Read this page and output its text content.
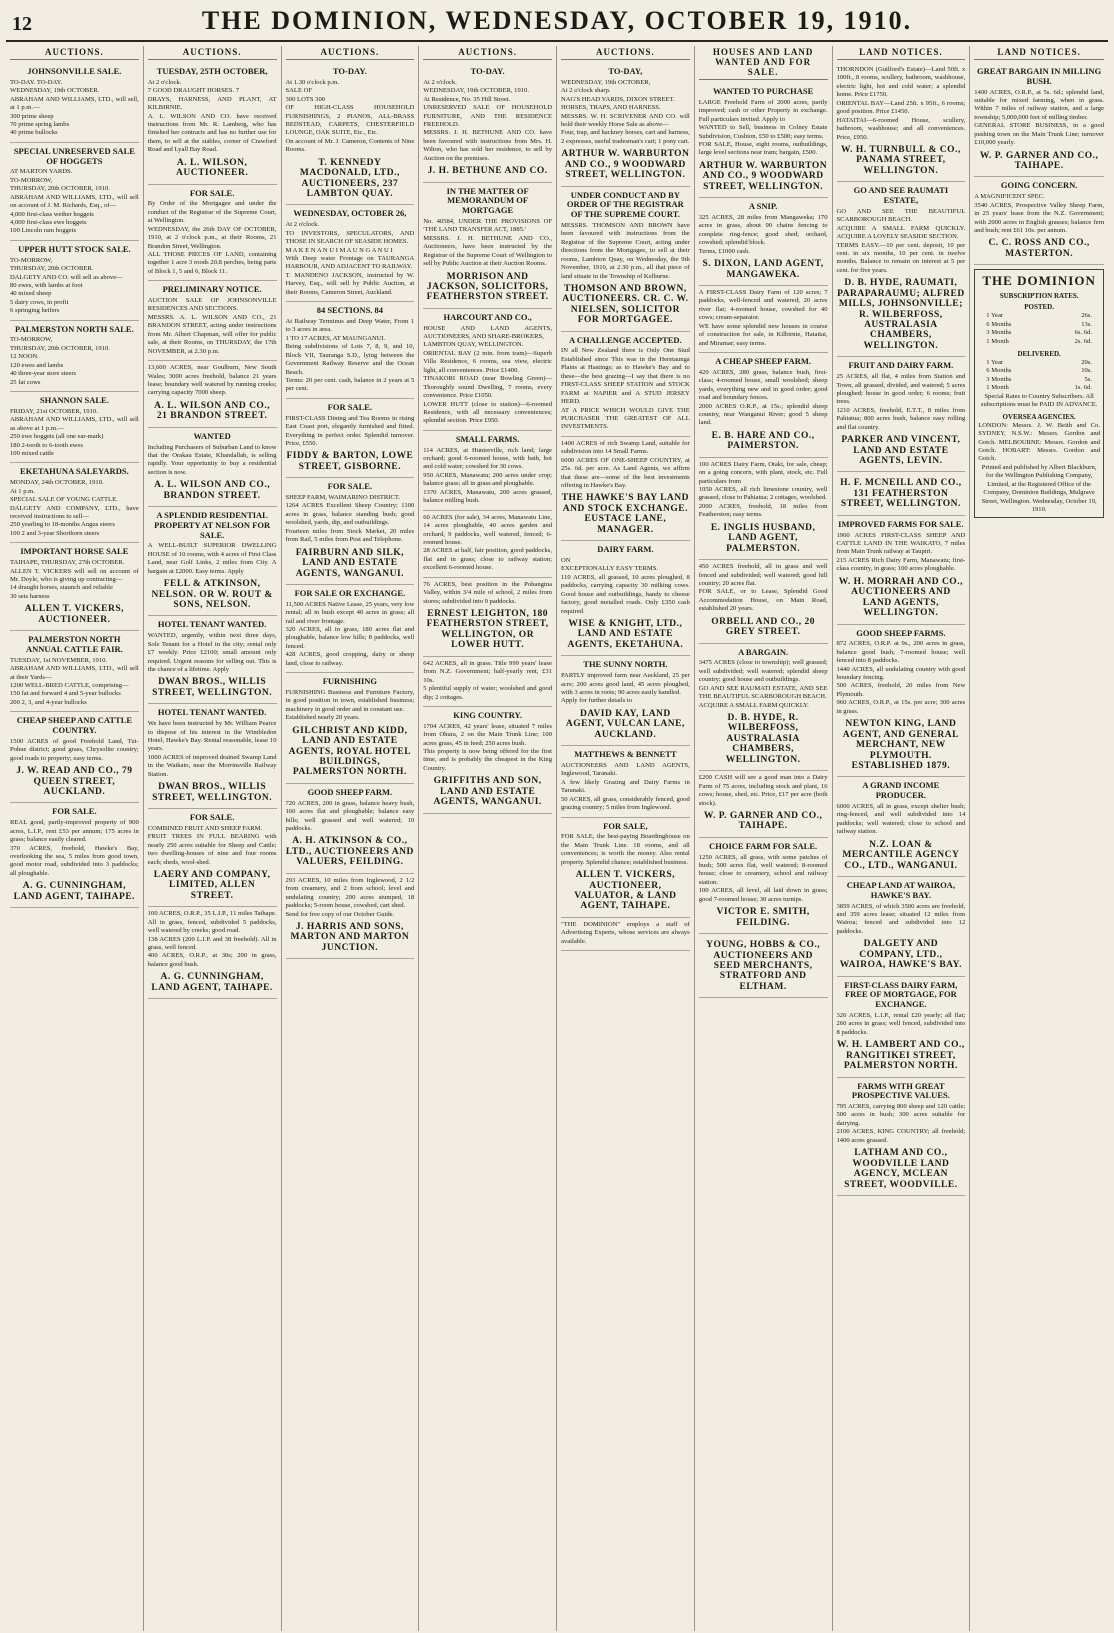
12	THE DOMINION, WEDNESDAY, OCTOBER 19, 1910.
AUCTIONS.
JOHNSONVILLE SALE.

TO-DAY. TO-DAY.

WEDNESDAY, 19th OCTOBER.

ABRAHAM AND WILLIAMS, LTD., will sell, at 1 p.m.—

300 prime sheep

70 prime spring lambs

40 prime bullocks

SPECIAL UNRESERVED SALE OF HOGGETS

AT MARTON YARDS.

TO-MORROW,

THURSDAY, 20th OCTOBER, 1910.

ABRAHAM AND WILLIAMS, LTD., will sell on account of J. M. Richards, Esq., of—

4,000 first-class wether hoggets

4,000 first-class ewe hoggets

100 Lincoln ram hoggets

UPPER HUTT STOCK SALE.

TO-MORROW,

THURSDAY, 20th OCTOBER.

DALGETY AND CO. will sell as above—

80 ewes, with lambs at foot

40 mixed sheep

5 dairy cows, in profit

6 springing heifers

PALMERSTON NORTH SALE.

TO-MORROW,

THURSDAY, 20th OCTOBER, 1910.

12 NOON.

120 ewes and lambs

40 three-year store steers

25 fat cows

SHANNON SALE.

FRIDAY, 21st OCTOBER, 1910.

ABRAHAM AND WILLIAMS, LTD., will sell as above at 1 p.m.—

250 ewe hoggets (all one ear-mark)

180 2-tooth to 6-tooth ewes

100 mixed cattle

EKETAHUNA SALEYARDS.

MONDAY, 24th OCTOBER, 1910.

At 1 p.m.

SPECIAL SALE OF YOUNG CATTLE.

DALGETY AND COMPANY, LTD., have received instructions to sell—

250 yearling to 18-months Angus steers

100 2 and 3-year Shorthorn steers

IMPORTANT HORSE SALE

TAIHAPE, THURSDAY, 27th OCTOBER.

ALLEN T. VICKERS will sell on account of Mr. Doyle, who is giving up contracting—

14 draught horses, staunch and reliable

30 sets harness

ALLEN T. VICKERS, AUCTIONEER.
PALMERSTON NORTH ANNUAL CATTLE FAIR.

TUESDAY, 1st NOVEMBER, 1910.

ABRAHAM AND WILLIAMS, LTD., will sell at their Yards—

1200 WELL-BRED CATTLE, comprising—

150 fat and forward 4 and 5-year bullocks

200 2, 3, and 4-year bullocks

CHEAP SHEEP AND CATTLE COUNTRY.

1500 ACRES of good Freehold Land, Tui-Pohue district; good grass, Chrysolite country; good roads to property; easy terms.

J. W. READ AND CO., 79 QUEEN STREET, AUCKLAND.
FOR SALE.

REAL good, partly-improved property of 900 acres, L.I.P., rent £53 per annum; 175 acres in grass; balance easily cleared.

370 ACRES, freehold, Hawke's Bay, overlooking the sea, 5 miles from good town, good motor road, subdivided into 3 paddocks; all ploughable.

A. G. CUNNINGHAM, LAND AGENT, TAIHAPE.
AUCTIONS.
TUESDAY, 25TH OCTOBER,

At 2 o'clock.

7 GOOD DRAUGHT HORSES. 7

DRAYS, HARNESS, AND PLANT, AT KILBIRNIE.

A. L. WILSON AND CO. have received instructions from Mr. R. Lamberg, who has finished her contracts and has no further use for them, to sell at the stables, corner of Crawford Road and Lyall Bay Road.

A. L. WILSON, AUCTIONEER.
FOR SALE.

By Order of the Mortgagee and under the conduct of the Registrar of the Supreme Court, at Wellington.

WEDNESDAY, the 26th DAY OF OCTOBER, 1910, at 2 o'clock p.m., at their Rooms, 21 Brandon Street, Wellington.

ALL THOSE PIECES OF LAND, containing together 1 acre 3 roods 20.8 perches, being parts of Block 1, 5 and 6, Block 11.

PRELIMINARY NOTICE.

AUCTION SALE OF JOHNSONVILLE RESIDENCES AND SECTIONS.

MESSRS. A. L. WILSON AND CO., 21 BRANDON STREET, acting under instructions from Mr. Albert Chapman, will offer for public sale, at their Rooms, on THURSDAY, the 17th NOVEMBER, at 2.30 p.m.

13,600 ACRES, near Goulburn, New South Wales; 3000 acres freehold, balance 21 years lease; boundary well watered by running creeks; carrying capacity 7000 sheep.

A. L. WILSON AND CO., 21 BRANDON STREET.
WANTED

Including Purchasers of Suburban Land to know that the Orakau Estate, Khandallah, is selling rapidly. Your opportunity to buy a residential section is now.

A. L. WILSON AND CO., BRANDON STREET.
A SPLENDID RESIDENTIAL PROPERTY AT NELSON FOR SALE.

A WELL-BUILT SUPERIOR DWELLING HOUSE of 10 rooms, with 4 acres of First Class Land, near Golf Links, 2 miles from City. A bargain at £2000. Easy terms. Apply

FELL & ATKINSON, NELSON. OR W. ROUT & SONS, NELSON.
HOTEL TENANT WANTED.

WANTED, urgently, within next three days, Sole Tenant for a Hotel in the city; rental only £7 weekly. Price £2100; small amount only required. Urgent reasons for selling out. This is the chance of a lifetime. Apply

DWAN BROS., WILLIS STREET, WELLINGTON.
HOTEL TENANT WANTED.

We have been instructed by Mr. William Pearce to dispose of his interest in the Wimbledon Hotel, Hawke's Bay. Rental reasonable, lease 10 years.

1000 ACRES of improved drained Swamp Land in the Waikato, near the Morrinsville Railway Station.

DWAN BROS., WILLIS STREET, WELLINGTON.
FOR SALE.

COMBINED FRUIT AND SHEEP FARM.

FRUIT TREES IN FULL BEARING with nearly 250 acres suitable for Sheep and Cattle; two dwelling-houses of nine and four rooms each; sheds, wool-shed.

LAERY AND COMPANY, LIMITED, ALLEN STREET.

100 ACRES, O.R.P., 35 L.I.P., 11 miles Taihape. All in grass, fenced, subdivided 5 paddocks, well watered by creeks; good road.

138 ACRES (200 L.I.P. and 38 freehold). All in grass, well fenced.

400 ACRES, O.R.P., at 30s; 200 in grass, balance good bush.

A. G. CUNNINGHAM, LAND AGENT, TAIHAPE.
AUCTIONS.
TO-DAY.

At 1.30 o'clock p.m.

SALE OF

300 LOTS 300

OF HIGH-CLASS HOUSEHOLD FURNISHINGS, 2 PIANOS, ALL-BRASS BEDSTEAD, CARPETS, CHESTERFIELD LOUNGE, OAK SUITE, Etc., Etc.

On account of Mr. J. Cameron, Contents of Nine Rooms.

T. KENNEDY MACDONALD, LTD., AUCTIONEERS, 237 LAMBTON QUAY.
WEDNESDAY, OCTOBER 26,

At 2 o'clock.

TO INVESTORS, SPECULATORS, AND THOSE IN SEARCH OF SEASIDE HOMES.

M A K E N A N U I M A U N G A N U I

With Deep water Frontage on TAURANGA HARBOUR, AND ADJACENT TO RAILWAY.

T. MANDENO JACKSON, instructed by W. Harvey, Esq., will sell by Public Auction, at their Rooms, Cameron Street, Auckland.

84 SECTIONS. 84

At Railway Terminus and Deep Water, From 1 to 3 acres in area.

1 TO 17 ACRES, AT MAUNGANUI.

Being subdivisions of Lots 7, 8, 9, and 10, Block VII, Tauranga S.D., lying between the Government Railway Reserve and the Ocean Beach.

Terms: 20 per cent. cash, balance in 2 years at 5 per cent.

FOR SALE.

FIRST-CLASS Dining and Tea Rooms in rising East Coast port, elegantly furnished and fitted. Everything in perfect order. Splendid turnover. Price, £550.

FIDDY & BARTON, LOWE STREET, GISBORNE.
FOR SALE.

SHEEP FARM, WAIMARINO DISTRICT.

1264 ACRES Excellent Sheep Country; 1100 acres in grass, balance standing bush; good woolshed, yards, dip, and outbuildings.

Fourteen miles from Stock Market, 20 miles from Rail, 5 miles from Post and Telephone.

FAIRBURN AND SILK, LAND AND ESTATE AGENTS, WANGANUI.
FOR SALE OR EXCHANGE.

11,500 ACRES Native Lease, 25 years, very low rental; all in bush except 40 acres in grass; all rail and river frontage.

320 ACRES, all in grass, 180 acres flat and ploughable, balance low hills; 8 paddocks, well fenced.

428 ACRES, good cropping, dairy or sheep land, close to railway.

FURNISHING

FURNISHING Business and Furniture Factory, in good position in town, established business; machinery in good order and in constant use.

Established nearly 20 years.

GILCHRIST AND KIDD, LAND AND ESTATE AGENTS, ROYAL HOTEL BUILDINGS, PALMERSTON NORTH.
GOOD SHEEP FARM.

720 ACRES, 200 in grass, balance heavy bush, 160 acres flat and ploughable; balance easy hills; well grassed and well watered; 10 paddocks.

A. H. ATKINSON & CO., LTD., AUCTIONEERS AND VALUERS, FEILDING.

293 ACRES, 10 miles from Inglewood, 2 1/2 from creamery, and 2 from school; level and undulating country; 200 acres stumped, 18 paddocks; 5-room house, cowshed, cart shed.

Send for free copy of our October Guide.

J. HARRIS AND SONS, MARTON AND MARTON JUNCTION.
AUCTIONS.
TO-DAY.

At 2 o'clock.

WEDNESDAY, 19th OCTOBER, 1910.

At Residence, No. 35 Hill Street.

UNRESERVED SALE OF HOUSEHOLD FURNITURE, AND THE RESIDENCE FREEHOLD.

MESSRS. J. H. BETHUNE AND CO. have been favoured with instructions from Mrs. H. Wilton, who has sold her residence, to sell by Auction on the premises.

J. H. BETHUNE AND CO.
IN THE MATTER OF MEMORANDUM OF MORTGAGE

No. 40584, UNDER THE PROVISIONS OF 'THE LAND TRANSFER ACT, 1885.'

MESSRS. J. H. BETHUNE AND CO., Auctioneers, have been instructed by the Registrar of the Supreme Court of Wellington to sell by Public Auction at their Auction Rooms.

MORRISON AND JACKSON, SOLICITORS, FEATHERSTON STREET.
HARCOURT AND CO.,

HOUSE AND LAND AGENTS, AUCTIONEERS, AND SHARE-BROKERS,

LAMBTON QUAY, WELLINGTON.

ORIENTAL BAY (2 min. from tram)—Superb Villa Residence, 6 rooms, sea view, electric light, all conveniences. Price £1400.

TINAKORI ROAD (near Bowling Green)—Thoroughly sound Dwelling, 7 rooms, every convenience. Price £1050.

LOWER HUTT (close to station)—6-roomed Residence, with all necessary conveniences; splendid section. Price £950.

SMALL FARMS.

114 ACRES, at Hunterville, rich land; large orchard; good 6-roomed house, with bath, hot and cold water; cowshed for 30 cows.

950 ACRES, Manawatu; 200 acres under crop; balance grass; all in grass and ploughable.

1370 ACRES, Manawatu, 200 acres grassed, balance milling bush.

60 ACRES (for sale), 34 acres, Manawatu Line, 14 acres ploughable, 40 acres garden and orchard, 9 paddocks, well watered, fenced; 6-roomed house.

28 ACRES at half, fair position, good paddocks, flat and in grass; close to railway station; excellent 6-roomed house.

76 ACRES, best position in the Pohangina Valley, within 3/4 mile of school, 2 miles from stores; subdivided into 9 paddocks.

ERNEST LEIGHTON, 180 FEATHERSTON STREET, WELLINGTON, OR LOWER HUTT.

642 ACRES, all in grass. Title 999 years' lease from N.Z. Government; half-yearly rent, £31 10s.

5 plentiful supply of water; woolshed and good dip; 2 cottages.

KING COUNTRY.

1704 ACRES, 42 years' lease, situated 7 miles from Ohura, 2 on the Main Trunk Line; 100 acres grass, 45 in feed; 250 acres bush.

This property is now being offered for the first time, and is probably the cheapest in the King Country.

GRIFFITHS AND SON, LAND AND ESTATE AGENTS, WANGANUI.
AUCTIONS.
TO-DAY,

WEDNESDAY, 19th OCTOBER,

At 2 o'clock sharp.

NAG'S HEAD YARDS, DIXON STREET.

HORSES, TRAPS, AND HARNESS.

MESSRS. W. H. SCRIVENER AND CO. will hold their weekly Horse Sale as above—

Four, trap, and hackney horses, cart and harness, 2 expresses, useful tradesman's cart; 1 pony cart.

ARTHUR W. WARBURTON AND CO., 9 WOODWARD STREET, WELLINGTON.
UNDER CONDUCT AND BY ORDER OF THE REGISTRAR OF THE SUPREME COURT.

MESSRS. THOMSON AND BROWN have been favoured with instructions from the Registrar of the Supreme Court, acting under directions from the Mortgagee, to sell at their rooms, Lambton Quay, on Wednesday, the 9th November, 1910, at 2.30 p.m., all that piece of land situate in the Township of Kelburne.

THOMSON AND BROWN, AUCTIONEERS. CR. C. W. NIELSEN, SOLICITOR FOR MORTGAGEE.
A CHALLENGE ACCEPTED.

IN all New Zealand there is Only One Stud Established since This was in the Heretaunga Plains at Hastings; as to Hawke's Bay and to these—the best grazing—I say that there is no FIRST-CLASS SHEEP STATION and STOCK FARM at NAPIER and A STUD JERSEY HERD.

AT A PRICE WHICH WOULD GIVE THE PURCHASER THE GREATEST OF ALL INVESTMENTS.

1400 ACRES of rich Swamp Land, suitable for subdivision into 14 Small Farms.

6000 ACRES OF ONE-SHEEP COUNTRY, at 25s. 6d. per acre. As Land Agents, we affirm that these are—some of the best investments offering in Hawke's Bay.

THE HAWKE'S BAY LAND AND STOCK EXCHANGE. EUSTACE LANE, MANAGER.
DAIRY FARM.

ON

EXCEPTIONALLY EASY TERMS.

110 ACRES, all grassed, 10 acres ploughed, 8 paddocks, carrying capacity 30 milking cows. Good house and outbuildings, handy to cheese factory, good metalled roads. Only £350 cash required.

WISE & KNIGHT, LTD., LAND AND ESTATE AGENTS, EKETAHUNA.
THE SUNNY NORTH.

PARTLY improved farm near Auckland, 25 per acre; 200 acres good land, 45 acres ploughed, with 3 acres in roots; 90 acres easily handled.

Apply for further details to

DAVID KAY, LAND AGENT, VULCAN LANE, AUCKLAND.
MATTHEWS & BENNETT

AUCTIONEERS AND LAND AGENTS, Inglewood, Taranaki.

A few likely Grazing and Dairy Farms in Taranaki.

50 ACRES, all grass, considerably fenced, good grazing country; 5 miles from Inglewood.

FOR SALE,

FOR SALE, the best-paying Boardinghouse on the Main Trunk Line. 18 rooms, and all conveniences; is worth the money. Also rental property. Splendid chance; established business.

ALLEN T. VICKERS, AUCTIONEER, VALUATOR, & LAND AGENT, TAIHAPE.

"THE DOMINION" employs a staff of Advertising Experts, whose services are always available.

HOUSES AND LAND WANTED AND FOR SALE.
WANTED TO PURCHASE

LARGE Freehold Farm of 2000 acres, partly improved; cash or other Property in exchange. Full particulars invited. Apply to

WANTED to Sell, business in Colney Estate Subdivision, Cushion, £50 to £500; easy terms.

FOR SALE, House, eight rooms, outbuildings, large level sections near tram; bargain, £500.

ARTHUR W. WARBURTON AND CO., 9 WOODWARD STREET, WELLINGTON.
A SNIP.

325 ACRES, 28 miles from Mangaweka; 170 acres in grass, about 90 chains fencing to complete ring-fence; good shed; orchard, cowshed; splendid block.

Terms, £1000 cash.

S. DIXON, LAND AGENT, MANGAWEKA.

A FIRST-CLASS Dairy Farm of 120 acres; 7 paddocks, well-fenced and watered; 20 acres river flat; 4-roomed house, cowshed for 40 cows; cream-separator.

WE have some splendid new houses in course of construction for sale, in Kilbirnie, Hataitai, and Miramar; easy terms.

A CHEAP SHEEP FARM.

420 ACRES, 280 grass, balance bush, first-class; 4-roomed house, small woolshed; sheep yards, everything new and in good order; good road and boundary fences.

2000 ACRES O.R.P., at 15s.; splendid sheep country, near Wanganui River; good 5 sheep land.

E. B. HARE AND CO., PAIMERSTON.

100 ACRES Dairy Farm, Otaki, for sale, cheap; on a going concern, with plant, stock, etc. Full particulars from

1050 ACRES, all rich limestone country, well grassed, close to Pahiatua; 2 cottages, woolshed.

2000 ACRES, freehold, 18 miles from Featherston; easy terms.

E. INGLIS HUSBAND, LAND AGENT, PALMERSTON.

450 ACRES freehold, all in grass and well fenced and subdivided; well watered; good hill country; 20 acres flat.

FOR SALE, or to Lease, Splendid Good Accommodation House, on Main Road, established 20 years.

ORBELL AND CO., 20 GREY STREET.
A BARGAIN.

3475 ACRES (close to township); well grassed; well subdivided; well watered; splendid sheep country; good house and outbuildings.

GO AND SEE RAUMATI ESTATE, AND SEE THE BEAUTIFUL SCARBOROUGH BEACH.

ACQUIRE A SMALL FARM QUICKLY.

D. B. HYDE, R. WILBERFOSS, AUSTRALASIA CHAMBERS, WELLINGTON.

£200 CASH will see a good man into a Dairy Farm of 75 acres, including stock and plant, 16 cows; house, shed, etc. Price, £17 per acre (both stock).

W. P. GARNER AND CO., TAIHAPE.
CHOICE FARM FOR SALE.

1250 ACRES, all grass, with some patches of bush; 500 acres flat, well watered; 8-roomed house; close to creamery, school and railway station.

100 ACRES, all level, all laid down in grass; good 7-roomed house; 30 acres turnips.

VICTOR E. SMITH, FEILDING.
YOUNG, HOBBS & CO., AUCTIONEERS AND SEED MERCHANTS, STRATFORD AND ELTHAM.
LAND NOTICES.

THORNDON (Guilford's Estate)—Land 50ft. x 100ft., 8 rooms, scullery, bathroom, washhouse, electric light, hot and cold water; a splendid home. Price £1750.

ORIENTAL BAY—Land 25ft. x 95ft., 6 rooms; good position. Price £1450.

HATAITAI—6-roomed House, scullery, bathroom, washhouse; and all conveniences. Price, £950.

W. H. TURNBULL & CO., PANAMA STREET, WELLINGTON.
GO AND SEE RAUMATI ESTATE,

GO AND SEE THE BEAUTIFUL SCARBOROUGH BEACH.

ACQUIRE A SMALL FARM QUICKLY. ACQUIRE A LOVELY SEASIDE SECTION.

TERMS EASY.—10 per cent. deposit, 10 per cent. in six months, 10 per cent. in twelve months. Balance to remain on interest at 5 per cent. for five years.

D. B. HYDE, RAUMATI, PARAPARAUMU; ALFRED MILLS, JOHNSONVILLE; R. WILBERFOSS, AUSTRALASIA CHAMBERS, WELLINGTON.
FRUIT AND DAIRY FARM.

25 ACRES, all flat, 4 miles from Station and Town, all grassed, divided, and watered; 5 acres ploughed; house in good order; 6 rooms; fruit trees.

1210 ACRES, freehold, E.T.T., 8 miles from Pahiatua; 800 acres bush, balance easy rolling and flat country.

PARKER AND VINCENT, LAND AND ESTATE AGENTS, LEVIN.
H. F. MCNEILL AND CO., 131 FEATHERSTON STREET, WELLINGTON.
IMPROVED FARMS FOR SALE.

1900 ACRES FIRST-CLASS SHEEP AND CATTLE LAND IN THE WAIKATO, 7 miles from Main Trunk railway at Taupiri.

215 ACRES Rich Dairy Farm, Manawatu; first-class country, in grass; 100 acres ploughable.

W. H. MORRAH AND CO., AUCTIONEERS AND LAND AGENTS, WELLINGTON.
GOOD SHEEP FARMS.

872 ACRES, O.R.P. at 9s., 200 acres in grass, balance good bush; 7-roomed house; well fenced into 8 paddocks.

1440 ACRES, all undulating country with good boundary fencing.

500 ACRES, freehold, 20 miles from New Plymouth.

960 ACRES, O.R.P., at 15s. per acre; 300 acres in grass.

NEWTON KING, LAND AGENT, AND GENERAL MERCHANT, NEW PLYMOUTH. ESTABLISHED 1879.
A GRAND INCOME PRODUCER.

6000 ACRES, all in grass, except shelter bush; ring-fenced, and well subdivided into 14 paddocks; well watered; close to school and railway station.

N.Z. LOAN & MERCANTILE AGENCY CO., LTD., WANGANUI.
CHEAP LAND AT WAIROA, HAWKE'S BAY.

3859 ACRES, of which 3500 acres are freehold, and 359 acres lease; situated 12 miles from Wairoa; fenced and subdivided into 12 paddocks.

DALGETY AND COMPANY, LTD., WAIROA, HAWKE'S BAY.
FIRST-CLASS DAIRY FARM, FREE OF MORTGAGE, FOR EXCHANGE.

320 ACRES, L.I.P., rental £20 yearly; all flat; 260 acres in grass; well fenced, subdivided into 8 paddocks.

W. H. LAMBERT AND CO., RANGITIKEI STREET, PALMERSTON NORTH.
FARMS WITH GREAT PROSPECTIVE VALUES.

795 ACRES, carrying 800 sheep and 120 cattle; 500 acres in bush; 300 acres suitable for dairying.

2100 ACRES, KING COUNTRY; all freehold; 1400 acres grassed.

LATHAM AND CO., WOODVILLE LAND AGENCY, MCLEAN STREET, WOODVILLE.
LAND NOTICES.
GREAT BARGAIN IN MILLING BUSH.

1400 ACRES, O.R.P., at 5s. 6d.; splendid land, suitable for mixed farming, when in grass. Within 7 miles of railway station, and a large township; 5,000,000 feet of milling timber.

GENERAL STORE BUSINESS, in a good pushing town on the Main Trunk Line; turnover £10,000 yearly.

W. P. GARNER AND CO., TAIHAPE.
GOING CONCERN.

A MAGNIFICENT SPEC.

3540 ACRES, Prospective Valley Sheep Farm, in 25 years' lease from the N.Z. Government; with 2000 acres in English grasses; balance fern and bush; rent £61 10s. per annum.

C. C. ROSS AND CO., MASTERTON.
THE DOMINION
SUBSCRIPTION RATES.
POSTED.
1 Year	26s.
6 Months	13s.
3 Months	6s. 6d.
1 Month	2s. 6d.
DELIVERED.
1 Year	20s.
6 Months	10s.
3 Months	5s.
1 Month	1s. 6d.

Special Rates to Country Subscribers. All subscriptions must be PAID IN ADVANCE.

OVERSEA AGENCIES.

LONDON: Messrs. J. W. Beith and Co. SYDNEY, N.S.W.: Messrs. Gordon and Gotch. MELBOURNE: Messrs. Gordon and Gotch. HOBART: Messrs. Gordon and Gotch.

Printed and published by Albert Blackburn, for the Wellington Publishing Company, Limited, at the Registered Office of the Company, Dominion Buildings, Mulgrave Street, Wellington. Wednesday, October 19, 1910.
